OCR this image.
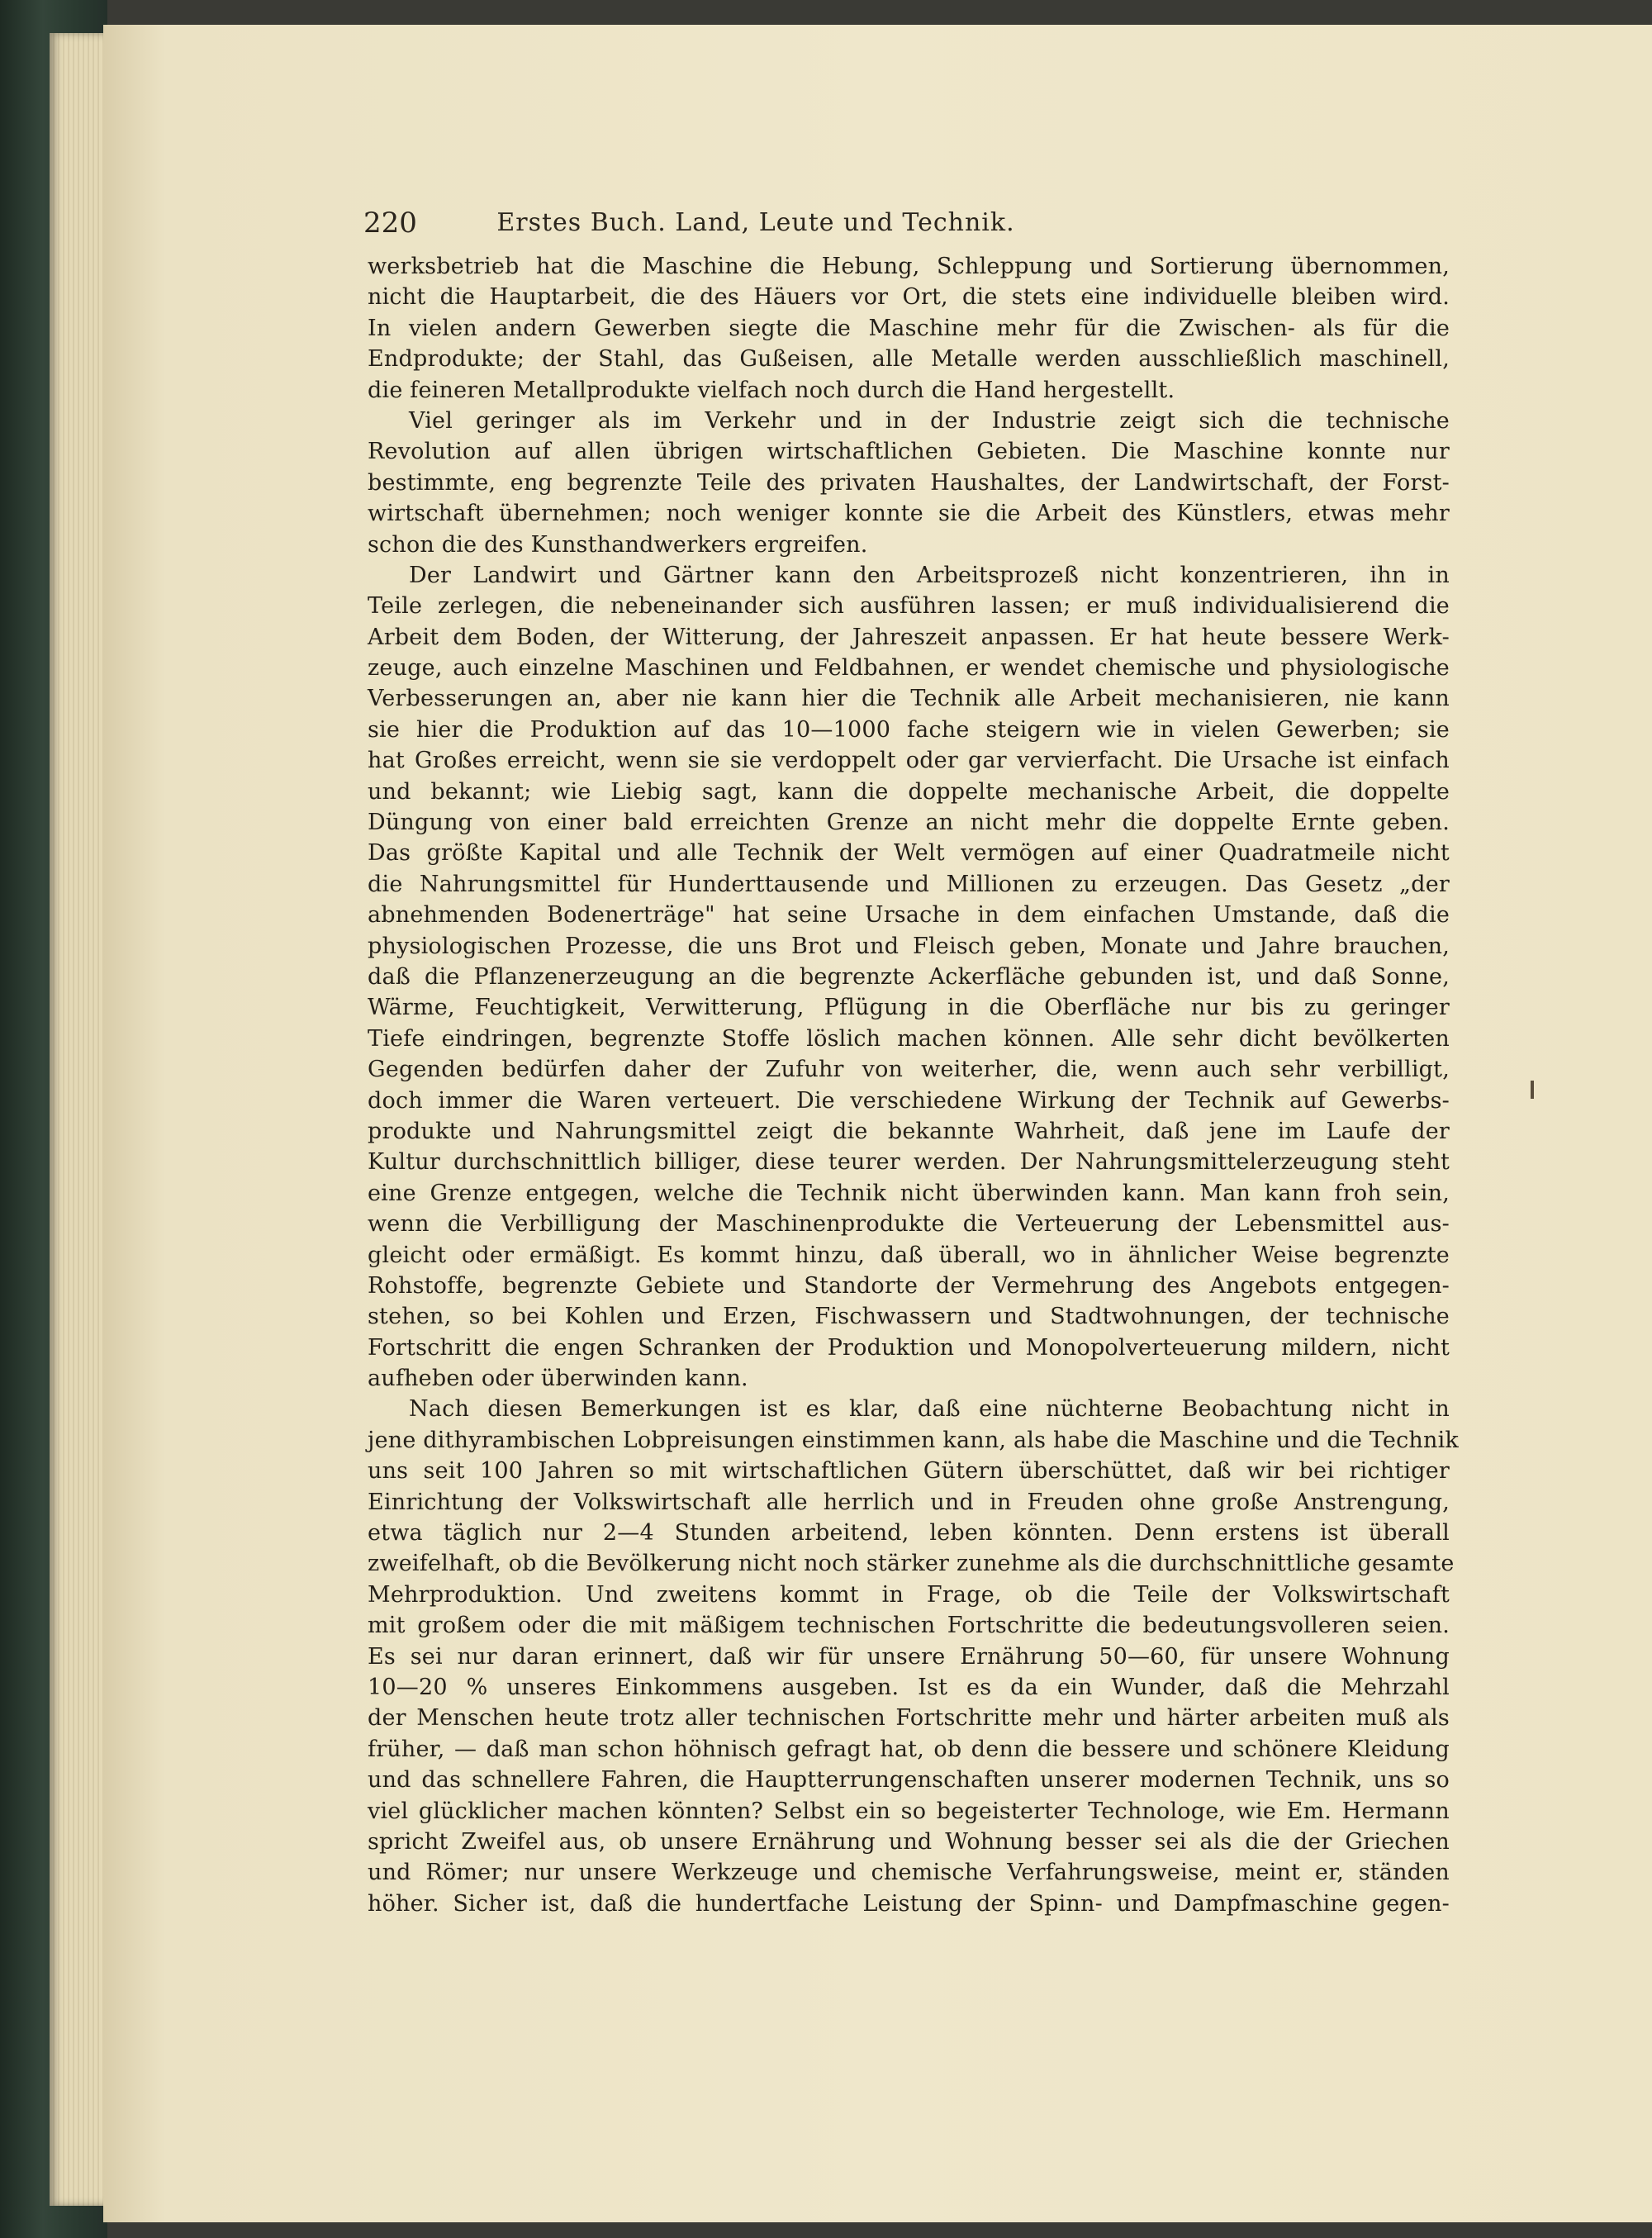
220	Erstes Buch. Land, Leute und Technik.
werksbetrieb hat die Maschine die Hebung, Schleppung und Sortierung übernommen,
nicht die Hauptarbeit, die des Häuers vor Ort, die stets eine individuelle bleiben wird.
In vielen andern Gewerben siegte die Maschine mehr für die Zwischen- als für die
Endprodukte; der Stahl, das Gußeisen, alle Metalle werden ausschließlich maschinell,
die feineren Metallprodukte vielfach noch durch die Hand hergestellt.
Viel geringer als im Verkehr und in der Industrie zeigt sich die technische
Revolution auf allen übrigen wirtschaftlichen Gebieten. Die Maschine konnte nur
bestimmte, eng begrenzte Teile des privaten Haushaltes, der Landwirtschaft, der Forst-
wirtschaft übernehmen; noch weniger konnte sie die Arbeit des Künstlers, etwas mehr
schon die des Kunsthandwerkers ergreifen.
Der Landwirt und Gärtner kann den Arbeitsprozeß nicht konzentrieren, ihn in
Teile zerlegen, die nebeneinander sich ausführen lassen; er muß individualisierend die
Arbeit dem Boden, der Witterung, der Jahreszeit anpassen. Er hat heute bessere Werk-
zeuge, auch einzelne Maschinen und Feldbahnen, er wendet chemische und physiologische
Verbesserungen an, aber nie kann hier die Technik alle Arbeit mechanisieren, nie kann
sie hier die Produktion auf das 10—1000 fache steigern wie in vielen Gewerben; sie
hat Großes erreicht, wenn sie sie verdoppelt oder gar vervierfacht. Die Ursache ist einfach
und bekannt; wie Liebig sagt, kann die doppelte mechanische Arbeit, die doppelte
Düngung von einer bald erreichten Grenze an nicht mehr die doppelte Ernte geben.
Das größte Kapital und alle Technik der Welt vermögen auf einer Quadratmeile nicht
die Nahrungsmittel für Hunderttausende und Millionen zu erzeugen. Das Gesetz „der
abnehmenden Bodenerträge" hat seine Ursache in dem einfachen Umstande, daß die
physiologischen Prozesse, die uns Brot und Fleisch geben, Monate und Jahre brauchen,
daß die Pflanzenerzeugung an die begrenzte Ackerfläche gebunden ist, und daß Sonne,
Wärme, Feuchtigkeit, Verwitterung, Pflügung in die Oberfläche nur bis zu geringer
Tiefe eindringen, begrenzte Stoffe löslich machen können. Alle sehr dicht bevölkerten
Gegenden bedürfen daher der Zufuhr von weiterher, die, wenn auch sehr verbilligt,
doch immer die Waren verteuert. Die verschiedene Wirkung der Technik auf Gewerbs-
produkte und Nahrungsmittel zeigt die bekannte Wahrheit, daß jene im Laufe der
Kultur durchschnittlich billiger, diese teurer werden. Der Nahrungsmittelerzeugung steht
eine Grenze entgegen, welche die Technik nicht überwinden kann. Man kann froh sein,
wenn die Verbilligung der Maschinenprodukte die Verteuerung der Lebensmittel aus-
gleicht oder ermäßigt. Es kommt hinzu, daß überall, wo in ähnlicher Weise begrenzte
Rohstoffe, begrenzte Gebiete und Standorte der Vermehrung des Angebots entgegen-
stehen, so bei Kohlen und Erzen, Fischwassern und Stadtwohnungen, der technische
Fortschritt die engen Schranken der Produktion und Monopolverteuerung mildern, nicht
aufheben oder überwinden kann.
Nach diesen Bemerkungen ist es klar, daß eine nüchterne Beobachtung nicht in
jene dithyrambischen Lobpreisungen einstimmen kann, als habe die Maschine und die Technik
uns seit 100 Jahren so mit wirtschaftlichen Gütern überschüttet, daß wir bei richtiger
Einrichtung der Volkswirtschaft alle herrlich und in Freuden ohne große Anstrengung,
etwa täglich nur 2—4 Stunden arbeitend, leben könnten. Denn erstens ist überall
zweifelhaft, ob die Bevölkerung nicht noch stärker zunehme als die durchschnittliche gesamte
Mehrproduktion. Und zweitens kommt in Frage, ob die Teile der Volkswirtschaft
mit großem oder die mit mäßigem technischen Fortschritte die bedeutungsvolleren seien.
Es sei nur daran erinnert, daß wir für unsere Ernährung 50—60, für unsere Wohnung
10—20 % unseres Einkommens ausgeben. Ist es da ein Wunder, daß die Mehrzahl
der Menschen heute trotz aller technischen Fortschritte mehr und härter arbeiten muß als
früher, — daß man schon höhnisch gefragt hat, ob denn die bessere und schönere Kleidung
und das schnellere Fahren, die Hauptterrungenschaften unserer modernen Technik, uns so
viel glücklicher machen könnten? Selbst ein so begeisterter Technologe, wie Em. Hermann
spricht Zweifel aus, ob unsere Ernährung und Wohnung besser sei als die der Griechen
und Römer; nur unsere Werkzeuge und chemische Verfahrungsweise, meint er, ständen
höher. Sicher ist, daß die hundertfache Leistung der Spinn- und Dampfmaschine gegen-
